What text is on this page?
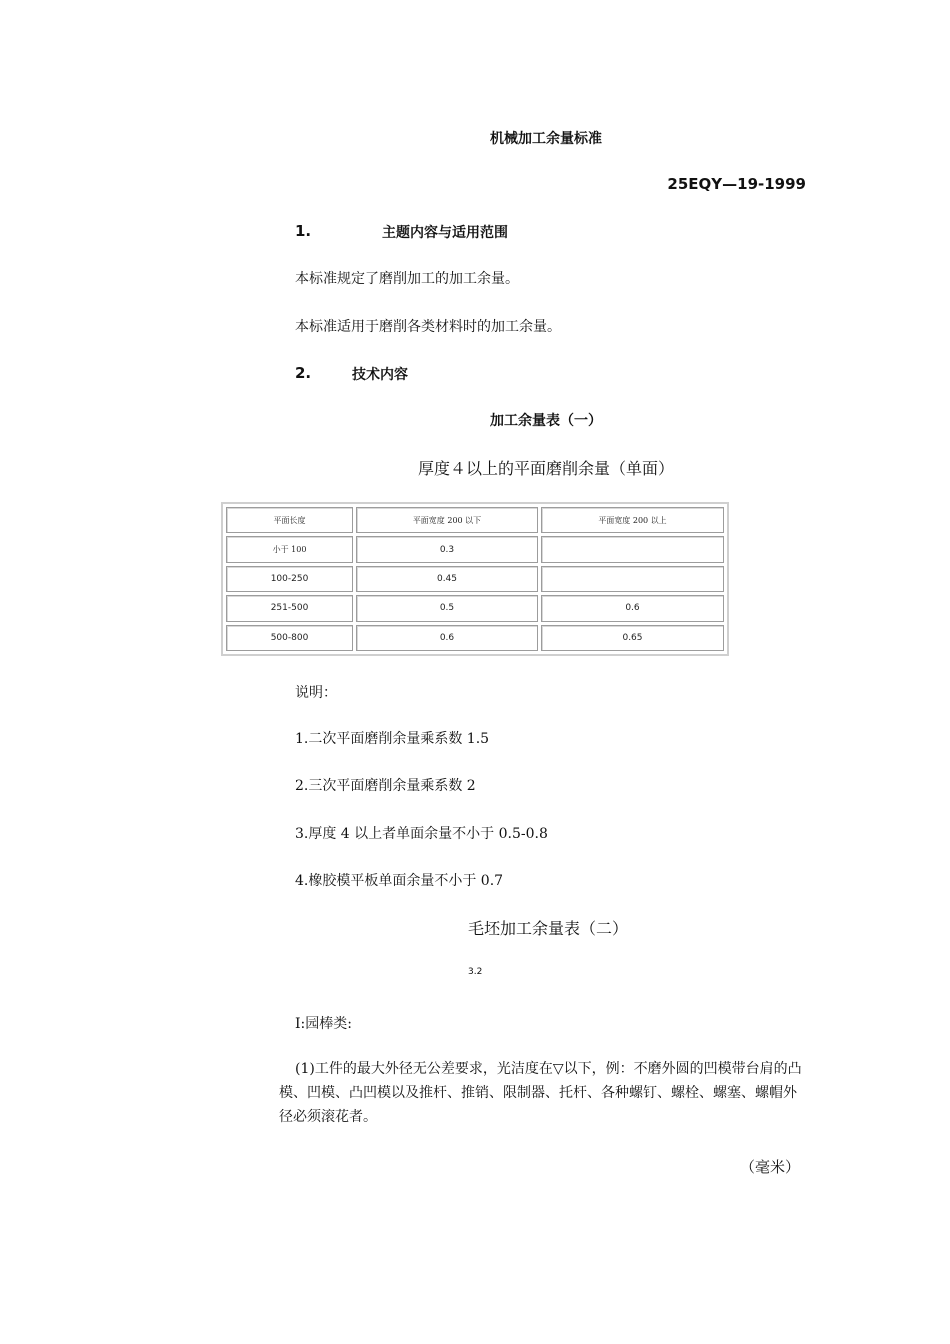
机械加工余量标准
25EQY—19-1999
1.	主题内容与适用范围
本标准规定了磨削加工的加工余量。
本标准适用于磨削各类材料时的加工余量。
2.	技术内容
加工余量表（一）
厚度４以上的平面磨削余量（单面）
平面长度	平面宽度 200 以下	平面宽度 200 以上
小于 100	0.3	
100-250	0.45	
251-500	0.5	0.6
500-800	0.6	0.65
说明：
1.二次平面磨削余量乘系数 1.5
2.三次平面磨削余量乘系数 2
3.厚度 4 以上者单面余量不小于 0.5-0.8
4.橡胶模平板单面余量不小于 0.7
毛坯加工余量表（二）
3.2
I:园棒类:
(1)工件的最大外径无公差要求，光洁度在▽以下，例：不磨外圆的凹模带台肩的凸模、凹模、凸凹模以及推杆、推销、限制器、托杆、各种螺钉、螺栓、螺塞、螺帽外径必须滚花者。
（毫米）
